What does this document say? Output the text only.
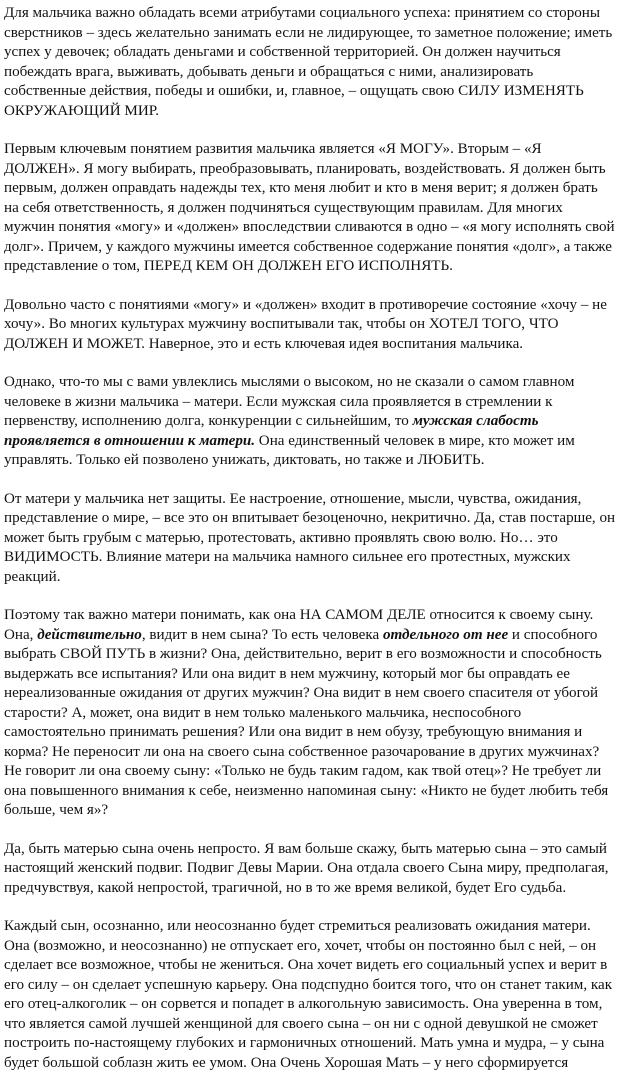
Для мальчика важно обладать всеми атрибутами социального успеха: принятием со стороны сверстников – здесь желательно занимать если не лидирующее, то заметное положение; иметь успех у девочек; обладать деньгами и собственной территорией. Он должен научиться побеждать врага, выживать, добывать деньги и обращаться с ними, анализировать собственные действия, победы и ошибки, и, главное, – ощущать свою СИЛУ ИЗМЕНЯТЬ ОКРУЖАЮЩИЙ МИР.

Первым ключевым понятием развития мальчика является «Я МОГУ». Вторым – «Я ДОЛЖЕН». Я могу выбирать, преобразовывать, планировать, воздействовать. Я должен быть первым, должен оправдать надежды тех, кто меня любит и кто в меня верит; я должен брать на себя ответственность, я должен подчиняться существующим правилам. Для многих мужчин понятия «могу» и «должен» впоследствии сливаются в одно – «я могу исполнять свой долг». Причем, у каждого мужчины имеется собственное содержание понятия «долг», а также представление о том, ПЕРЕД КЕМ ОН ДОЛЖЕН ЕГО ИСПОЛНЯТЬ.

Довольно часто с понятиями «могу» и «должен» входит в противоречие состояние «хочу – не хочу». Во многих культурах мужчину воспитывали так, чтобы он ХОТЕЛ ТОГО, ЧТО ДОЛЖЕН И МОЖЕТ. Наверное, это и есть ключевая идея воспитания мальчика.

Однако, что-то мы с вами увлеклись мыслями о высоком, но не сказали о самом главном человеке в жизни мальчика – матери. Если мужская сила проявляется в стремлении к первенству, исполнению долга, конкуренции с сильнейшим, то мужская слабость проявляется в отношении к матери. Она единственный человек в мире, кто может им управлять. Только ей позволено унижать, диктовать, но также и ЛЮБИТЬ.

От матери у мальчика нет защиты. Ее настроение, отношение, мысли, чувства, ожидания, представление о мире, – все это он впитывает безоценочно, некритично. Да, став постарше, он может быть грубым с матерью, протестовать, активно проявлять свою волю. Но… это ВИДИМОСТЬ. Влияние матери на мальчика намного сильнее его протестных, мужских реакций.

Поэтому так важно матери понимать, как она НА САМОМ ДЕЛЕ относится к своему сыну. Она, действительно, видит в нем сына? То есть человека отдельного от нее и способного выбрать СВОЙ ПУТЬ в жизни? Она, действительно, верит в его возможности и способность выдержать все испытания? Или она видит в нем мужчину, который мог бы оправдать ее нереализованные ожидания от других мужчин? Она видит в нем своего спасителя от убогой старости? А, может, она видит в нем только маленького мальчика, неспособного самостоятельно принимать решения? Или она видит в нем обузу, требующую внимания и корма? Не переносит ли она на своего сына собственное разочарование в других мужчинах? Не говорит ли она своему сыну: «Только не будь таким гадом, как твой отец»? Не требует ли она повышенного внимания к себе, неизменно напоминая сыну: «Никто не будет любить тебя больше, чем я»?

Да, быть матерью сына очень непросто. Я вам больше скажу, быть матерью сына – это самый настоящий женский подвиг. Подвиг Девы Марии. Она отдала своего Сына миру, предполагая, предчувствуя, какой непростой, трагичной, но в то же время великой, будет Его судьба.

Каждый сын, осознанно, или неосознанно будет стремиться реализовать ожидания матери. Она (возможно, и неосознанно) не отпускает его, хочет, чтобы он постоянно был с ней, – он сделает все возможное, чтобы не жениться. Она хочет видеть его социальный успех и верит в его силу – он сделает успешную карьеру. Она подспудно боится того, что он станет таким, как его отец-алкоголик – он сорвется и попадет в алкогольную зависимость. Она уверенна в том, что является самой лучшей женщиной для своего сына – он ни с одной девушкой не сможет построить по-настоящему глубоких и гармоничных отношений. Мать умна и мудра, – у сына будет большой соблазн жить ее умом. Она Очень Хорошая Мать – у него сформируется
